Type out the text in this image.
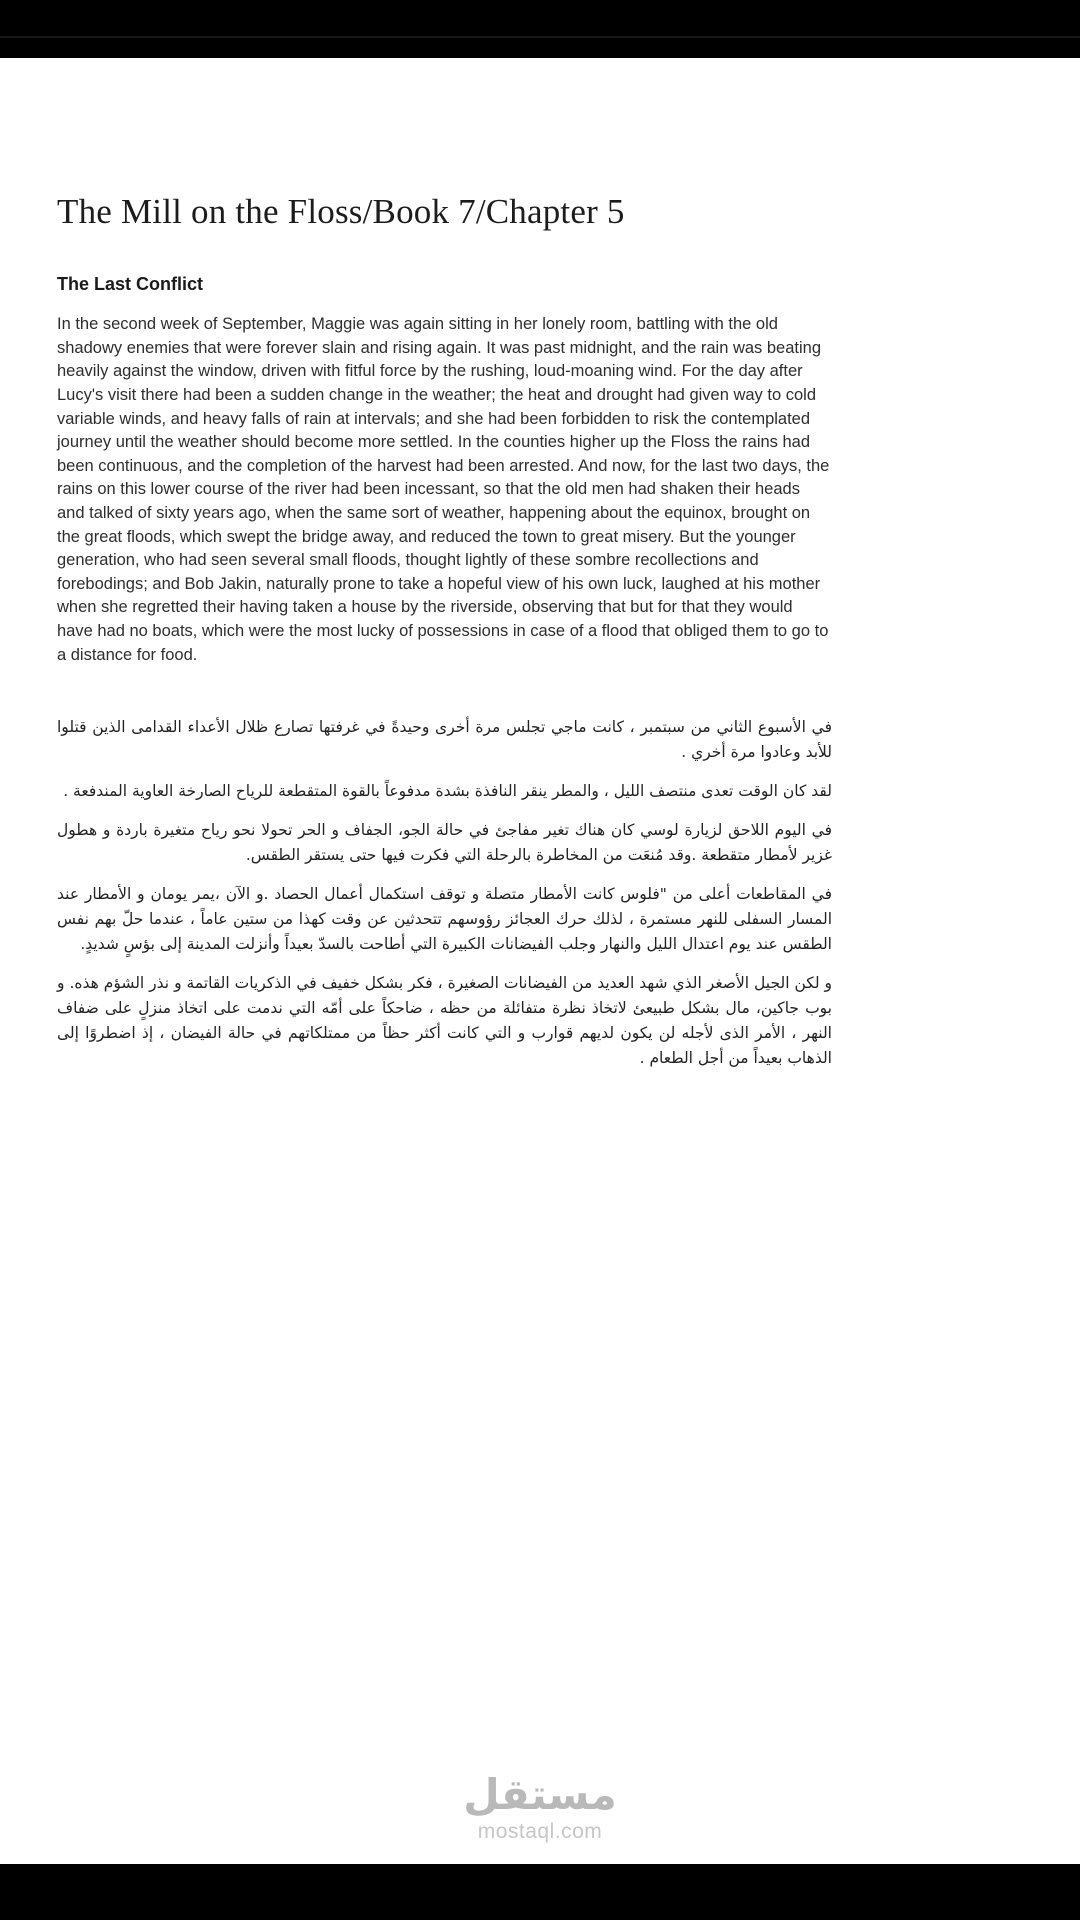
The Mill on the Floss/Book 7/Chapter 5
The Last Conflict

In the second week of September, Maggie was again sitting in her lonely room, battling with the old shadowy enemies that were forever slain and rising again. It was past midnight, and the rain was beating heavily against the window, driven with fitful force by the rushing, loud-moaning wind. For the day after Lucy's visit there had been a sudden change in the weather; the heat and drought had given way to cold variable winds, and heavy falls of rain at intervals; and she had been forbidden to risk the contemplated journey until the weather should become more settled. In the counties higher up the Floss the rains had been continuous, and the completion of the harvest had been arrested. And now, for the last two days, the rains on this lower course of the river had been incessant, so that the old men had shaken their heads and talked of sixty years ago, when the same sort of weather, happening about the equinox, brought on the great floods, which swept the bridge away, and reduced the town to great misery. But the younger generation, who had seen several small floods, thought lightly of these sombre recollections and forebodings; and Bob Jakin, naturally prone to take a hopeful view of his own luck, laughed at his mother when she regretted their having taken a house by the riverside, observing that but for that they would have had no boats, which were the most lucky of possessions in case of a flood that obliged them to go to a distance for food.

في الأسبوع الثاني من سبتمبر ، كانت ماجي تجلس مرة أخرى وحيدةً في غرفتها تصارع ظلال الأعداء القدامى الذين قتلوا للأبد وعادوا مرة أخري .

لقد كان الوقت تعدى منتصف الليل ، والمطر ينقر النافذة بشدة مدفوعاً بالقوة المتقطعة للرياح الصارخة العاوية المندفعة .

في اليوم اللاحق لزيارة لوسي كان هناك تغير مفاجئ في حالة الجو، الجفاف و الحر تحولا نحو رياح متغيرة باردة و هطول غزير لأمطار متقطعة .وقد مُنعَت من المخاطرة بالرحلة التي فكرت فيها حتى يستقر الطقس.

في المقاطعات أعلى من "فلوس كانت الأمطار متصلة و توقف استكمال أعمال الحصاد .و الآن ،يمر يومان و الأمطار عند المسار السفلى للنهر مستمرة ، لذلك حرك العجائز رؤوسهم تتحدثين عن وقت كهذا من ستين عاماً ، عندما حلّ بهم نفس الطقس عند يوم اعتدال الليل والنهار وجلب الفيضانات الكبيرة التي أطاحت بالسدّ بعيداً وأنزلت المدينة إلى بؤسٍ شديدٍ.

و لكن الجيل الأصغر الذي شهد العديد من الفيضانات الصغيرة ، فكر بشكل خفيف في الذكريات القاتمة و نذر الشؤم هذه. و بوب جاكين، مال بشكل طبيعئ لاتخاذ نظرة متفائلة من حظه ، ضاحكاً على أمّه التي ندمت على اتخاذ منزلٍ على ضفاف النهر ، الأمر الذى لأجله لن يكون لديهم قوارب و التي كانت أكثر حظاً من ممتلكاتهم في حالة الفيضان ، إذ اضطروًا إلى الذهاب بعيداً من أجل الطعام .

مستقل
mostaql.com
